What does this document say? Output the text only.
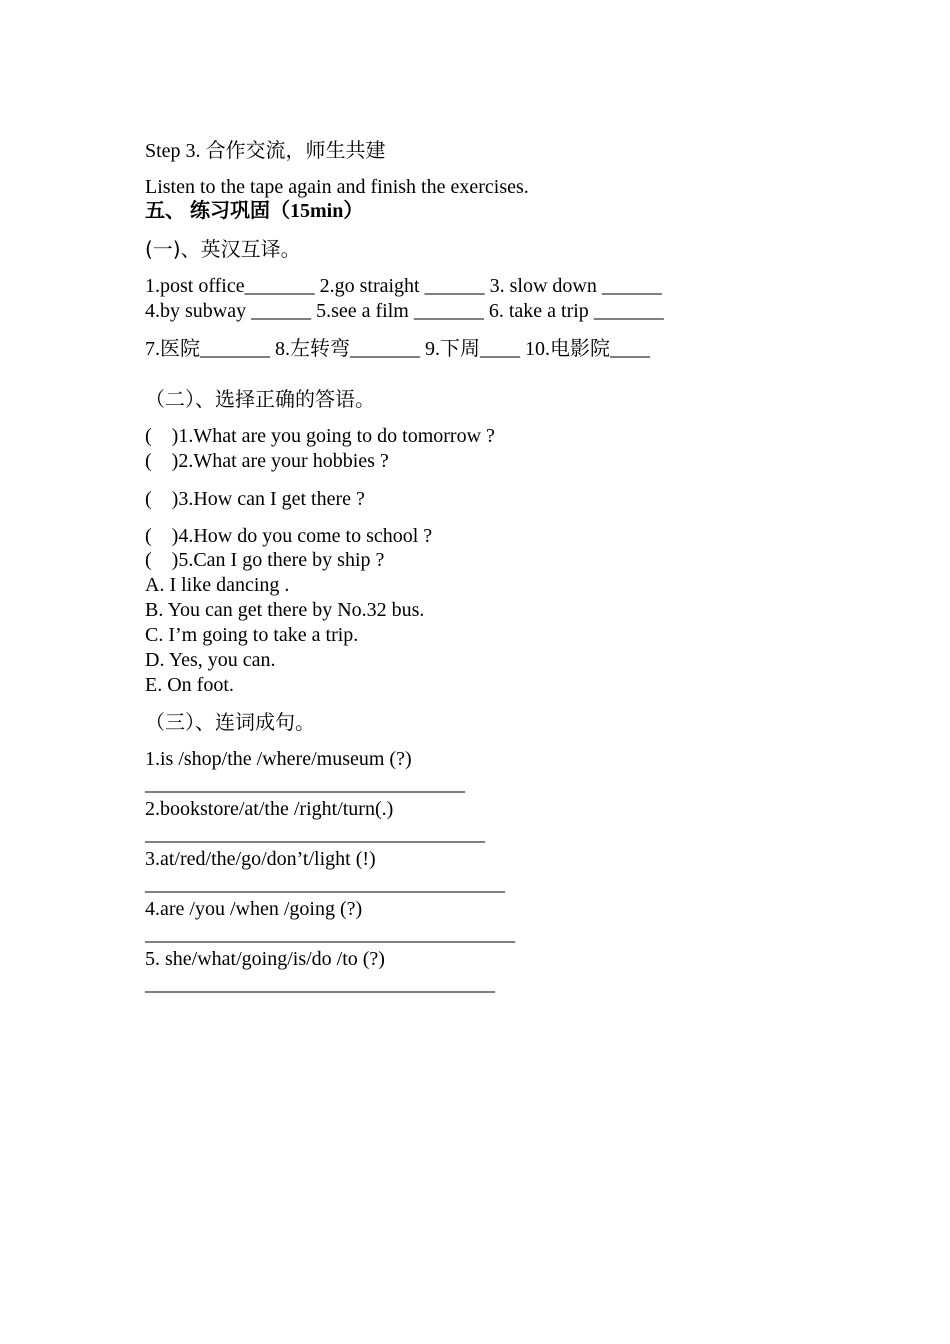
Step 3. 合作交流，师生共建
Listen to the tape again and finish the exercises.
五、 练习巩固（15min）
(一)、英汉互译。
1.post office_______ 2.go straight ______ 3. slow down ______
4.by subway ______ 5.see a film _______ 6. take a trip _______
7.医院_______ 8.左转弯_______ 9.下周____ 10.电影院____
（二）、选择正确的答语。
(    )1.What are you going to do tomorrow ?
(    )2.What are your hobbies ?
(    )3.How can I get there ?
(    )4.How do you come to school ?
(    )5.Can I go there by ship ?
A. I like dancing .
B. You can get there by No.32 bus.
C. I’m going to take a trip.
D. Yes, you can.
E. On foot.
（三）、连词成句。
1.is /shop/the /where/museum (?)
________________________________
2.bookstore/at/the /right/turn(.)
__________________________________
3.at/red/the/go/don’t/light (!)
____________________________________
4.are /you /when /going (?)
_____________________________________
5. she/what/going/is/do /to (?)
___________________________________
